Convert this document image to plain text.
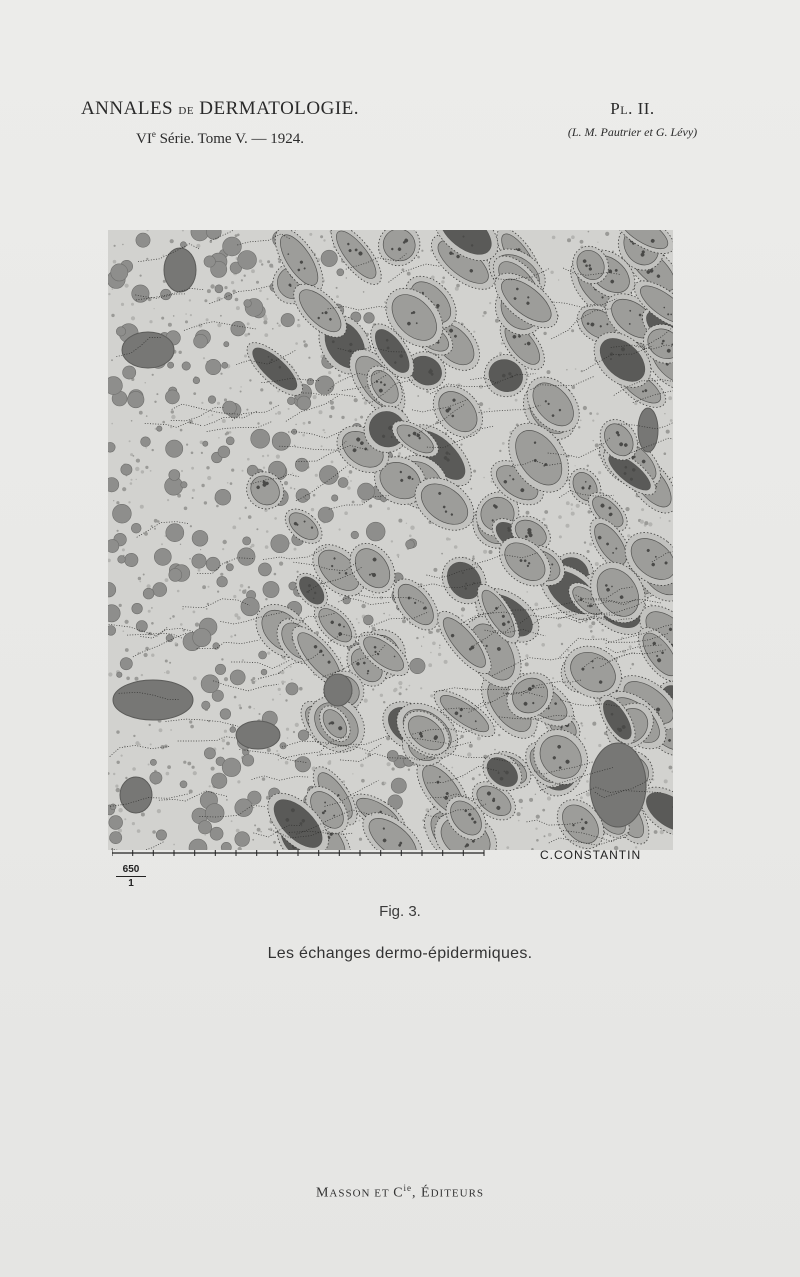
ANNALES DE DERMATOLOGIE.
VIe Série. Tome V. — 1924.
PL. II.
(L. M. Pautrier et G. Lévy)
C.CONSTANTIN
$\frac{650}{1}$
Fig. 3.
Les échanges dermo-épidermiques.
MASSON ET $C^{ie}$, ÉDITEURS
